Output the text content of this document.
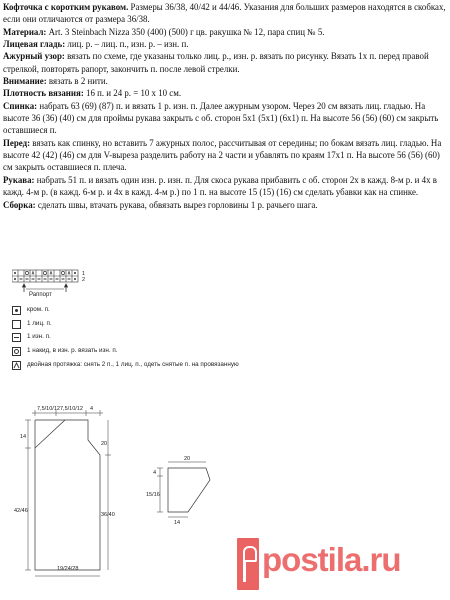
Кофточка с коротким рукавом. Размеры 36/38, 40/42 и 44/46. Указания для больших размеров находятся в скобках, если они отличаются от размера 36/38.

Материал: Art. 3 Steinbach Nizza 350 (400) (500) г цв. ракушка № 12, пара спиц № 5.

Лицевая гладь: лиц. р. – лиц. п., изн. р. – изн. п.

Ажурный узор: вязать по схеме, где указаны только лиц. р., изн. р. вязать по рисунку. Вязать 1х п. перед правой стрелкой, повторять рапорт, закончить п. после левой стрелки.

Внимание: вязать в 2 нити.

Плотность вязания: 16 п. и 24 р. = 10 х 10 см.

Спинка: набрать 63 (69) (87) п. и вязать 1 р. изн. п. Далее ажурным узором. Через 20 см вязать лиц. гладью. На высоте 36 (36) (40) см для проймы рукава закрыть с об. сторон 5х1 (5х1) (6х1) п. На высоте 56 (56) (60) см закрыть оставшиеся п.

Перед: вязать как спинку, но вставить 7 ажурных полос, рассчитывая от середины; по бокам вязать лиц. гладью. На высоте 42 (42) (46) см для V-выреза разделить работу на 2 части и убавлять по краям 17х1 п. На высоте 56 (56) (60) см закрыть оставшиеся п. плеча.

Рукава: набрать 51 п. и вязать один изн. р. изн. п. Для скоса рукава прибавить с об. сторон 2х в кажд. 8-м р. и 4х в кажд. 4-м р. (в кажд. 6-м р. и 4х в кажд. 4-м р.) по 1 п. на высоте 15 (15) (16) см сделать убавки как на спинке.

Сборка: сделать швы, втачать рукава, обвязать вырез горловины 1 р. рачьего шага.

1
2
Раппорт
кром. п.
1 лиц. п.
1 изн. п.
1 накид, в изн. р. вязать изн. п.
двойная протяжка: снять 2 п., 1 лиц. п., одеть снятые п. на провязанную
7,5/10/12 7,5/10/12 4
14
20
42/46
36/40
19/24/28
20
4
15/16
14
postila.ru
